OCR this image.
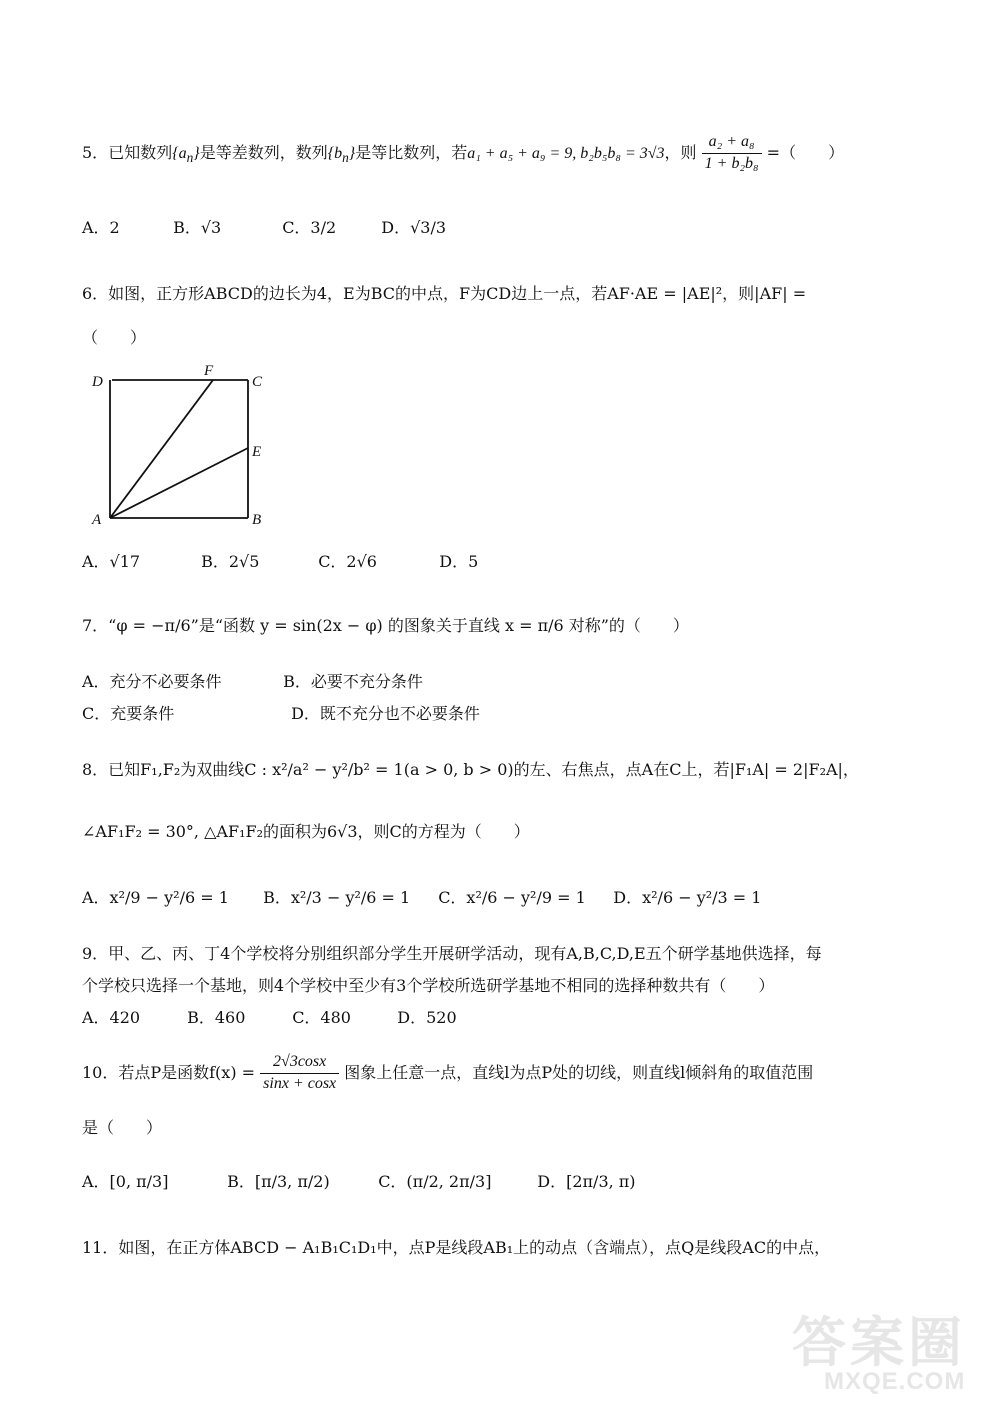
5．已知数列$\{a_n\}$是等差数列，数列$\{b_n\}$是等比数列，若a₁ + a₅ + a₉ = 9, b₂b₅b₈ = 3√3，则 $\frac{\text{a₂ + a₈}}{\text{1 + b₂b₈}}$ =（　　）
A．2	B．√3	C．3/2	D．√3/3
6．如图，正方形ABCD的边长为4，E为BC的中点，F为CD边上一点，若AF·AE = |AE|²，则|AF| =
（　　）
D
F
C
E
A	B
A．√17	B．2√5	C．2√6	D．5
7．“φ = −π/6”是“函数 y = sin(2x − φ) 的图象关于直线 x = π/6 对称”的（　　）
A．充分不必要条件	B．必要不充分条件
C．充要条件	D．既不充分也不必要条件
8．已知F₁,F₂为双曲线C : x²/a² − y²/b² = 1(a > 0, b > 0)的左、右焦点，点A在C上，若|F₁A| = 2|F₂A|，
∠AF₁F₂ = 30°, △AF₁F₂的面积为6√3，则C的方程为（　　）
A．x²/9 − y²/6 = 1 B．x²/3 − y²/6 = 1 C．x²/6 − y²/9 = 1 D．x²/6 − y²/3 = 1
9．甲、乙、丙、丁4个学校将分别组织部分学生开展研学活动，现有A,B,C,D,E五个研学基地供选择，每
个学校只选择一个基地，则4个学校中至少有3个学校所选研学基地不相同的选择种数共有（　　）
A．420	B．460	C．480	D．520
10．若点P是函数$f(x) = \frac{2√3\cos x}{\sin x + \cos x}$ 图象上任意一点，直线l为点P处的切线，则直线l倾斜角的取值范围
是（　　）
A．[0, π/3]	B．[π/3, π/2)	C．(π/2, 2π/3]	D．[2π/3, π)
11．如图，在正方体ABCD − A₁B₁C₁D₁中，点P是线段AB₁上的动点（含端点），点Q是线段AC的中点，
答案圈
MXQE.COM
